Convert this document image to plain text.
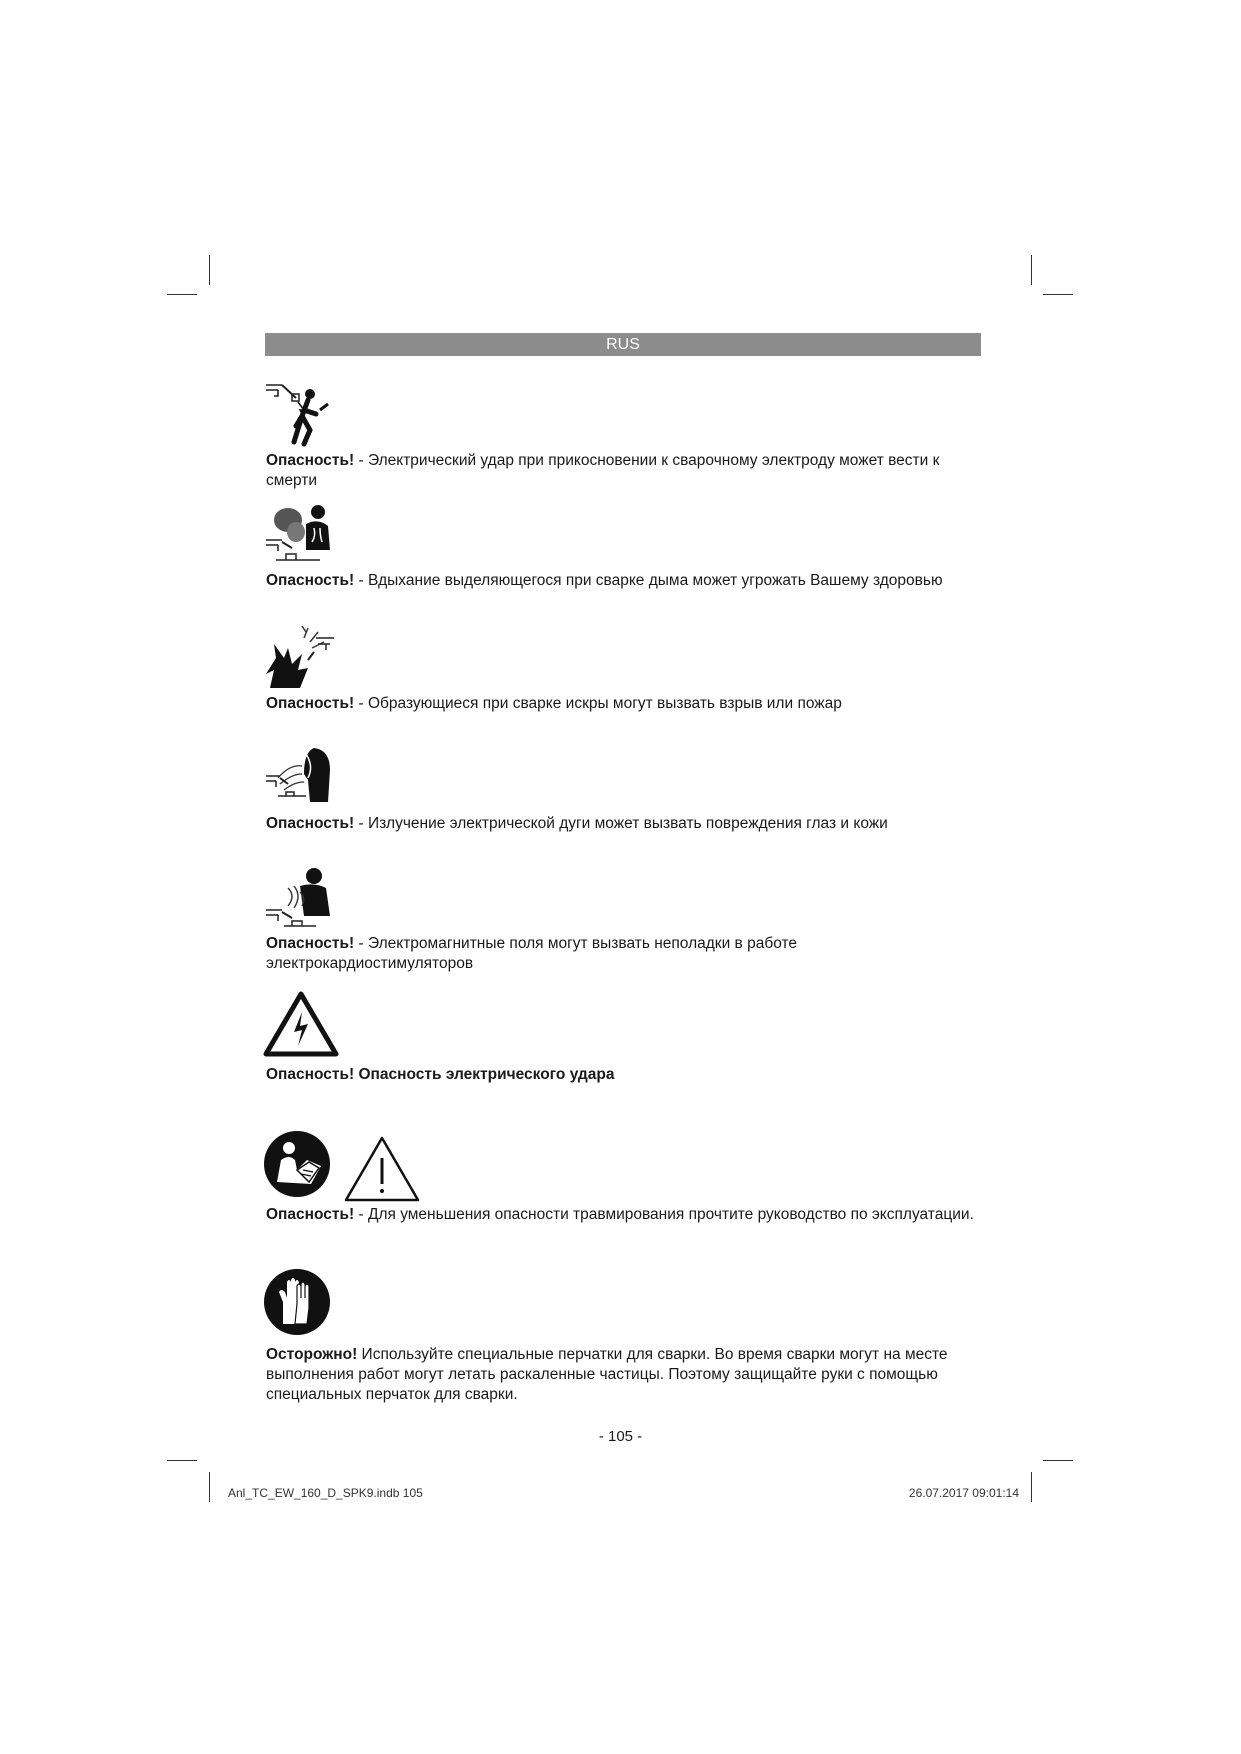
RUS

Опасность! - Электрический удар при прикосновении к сварочному электроду может вести к смерти

Опасность! - Вдыхание выделяющегося при сварке дыма может угрожать Вашему здоровью

Опасность! - Образующиеся при сварке искры могут вызвать взрыв или пожар

Опасность! - Излучение электрической дуги может вызвать повреждения глаз и кожи

Опасность! - Электромагнитные поля могут вызвать неполадки в работе электрокардиостимуляторов

Опасность! Опасность электрического удара

Опасность! - Для уменьшения опасности травмирования прочтите руководство по эксплуатации.

Осторожно! Используйте специальные перчатки для сварки. Во время сварки могут на месте выполнения работ могут летать раскаленные частицы. Поэтому защищайте руки с помощью специальных перчаток для сварки.

- 105 -
Anl_TC_EW_160_D_SPK9.indb 105	26.07.2017 09:01:14
